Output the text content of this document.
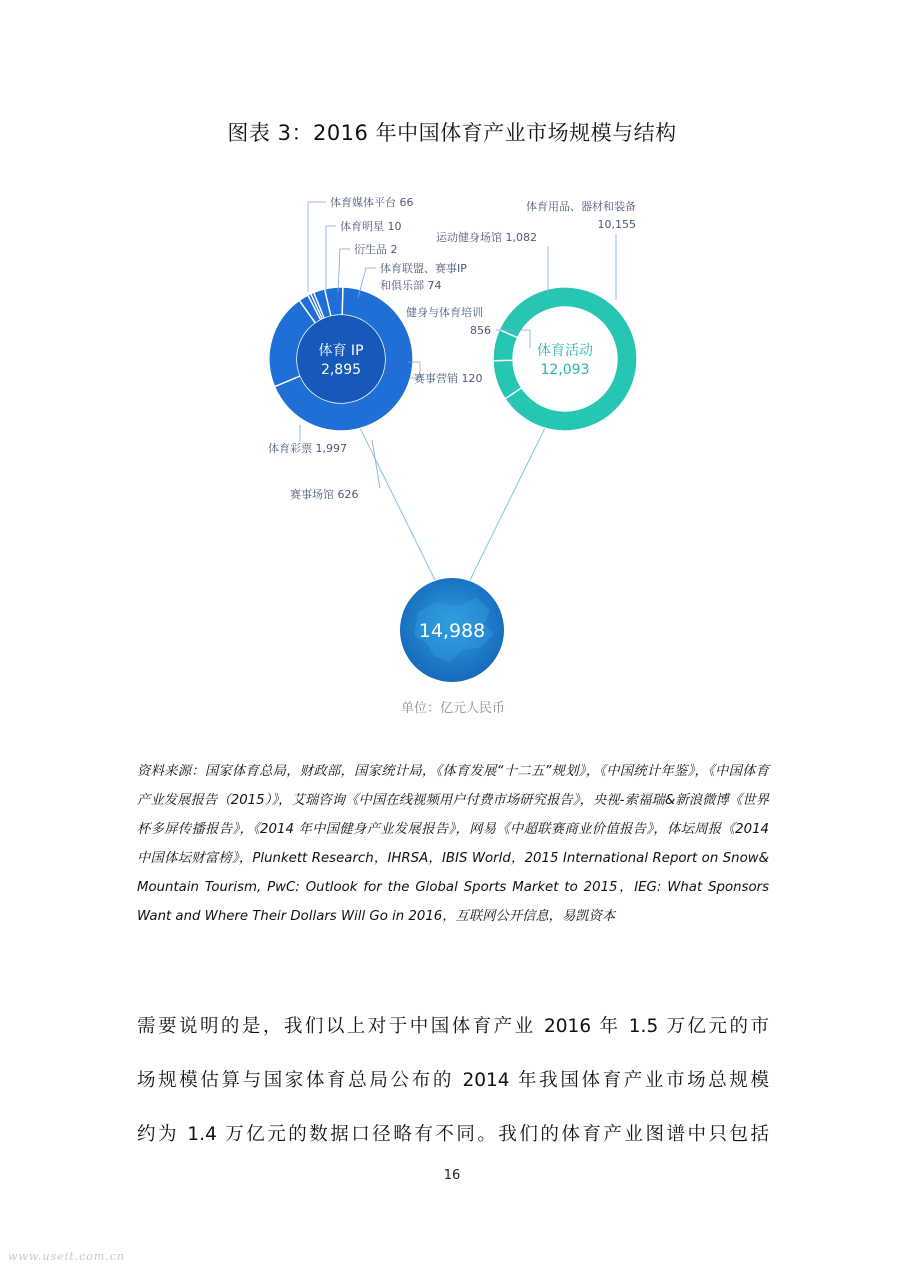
图表 3：2016 年中国体育产业市场规模与结构
体育 IP
2,895
体育活动
12,093
14,988
体育媒体平台 66
体育明星 10
衍生品 2
体育联盟、赛事IP
和俱乐部 74
赛事营销 120
体育彩票 1,997
赛事场馆 626
体育用品、器材和装备
10,155
运动健身场馆 1,082
健身与体育培训
856
单位：亿元人民币
资料来源：国家体育总局，财政部，国家统计局，《体育发展“十二五”规划》，《中国统计年鉴》，《中国体育产业发展报告（2015）》，艾瑞咨询《中国在线视频用户付费市场研究报告》，央视-索福瑞&新浪微博《世界杯多屏传播报告》，《2014 年中国健身产业发展报告》，网易《中超联赛商业价值报告》，体坛周报《2014 中国体坛财富榜》，Plunkett Research，IHRSA，IBIS World，2015 International Report on Snow& Mountain Tourism, PwC: Outlook for the Global Sports Market to 2015，IEG: What Sponsors Want and Where Their Dollars Will Go in 2016，互联网公开信息，易凯资本
需要说明的是，我们以上对于中国体育产业 2016 年 1.5 万亿元的市
场规模估算与国家体育总局公布的 2014 年我国体育产业市场总规模
约为 1.4 万亿元的数据口径略有不同。我们的体育产业图谱中只包括
16
www.useit.com.cn
